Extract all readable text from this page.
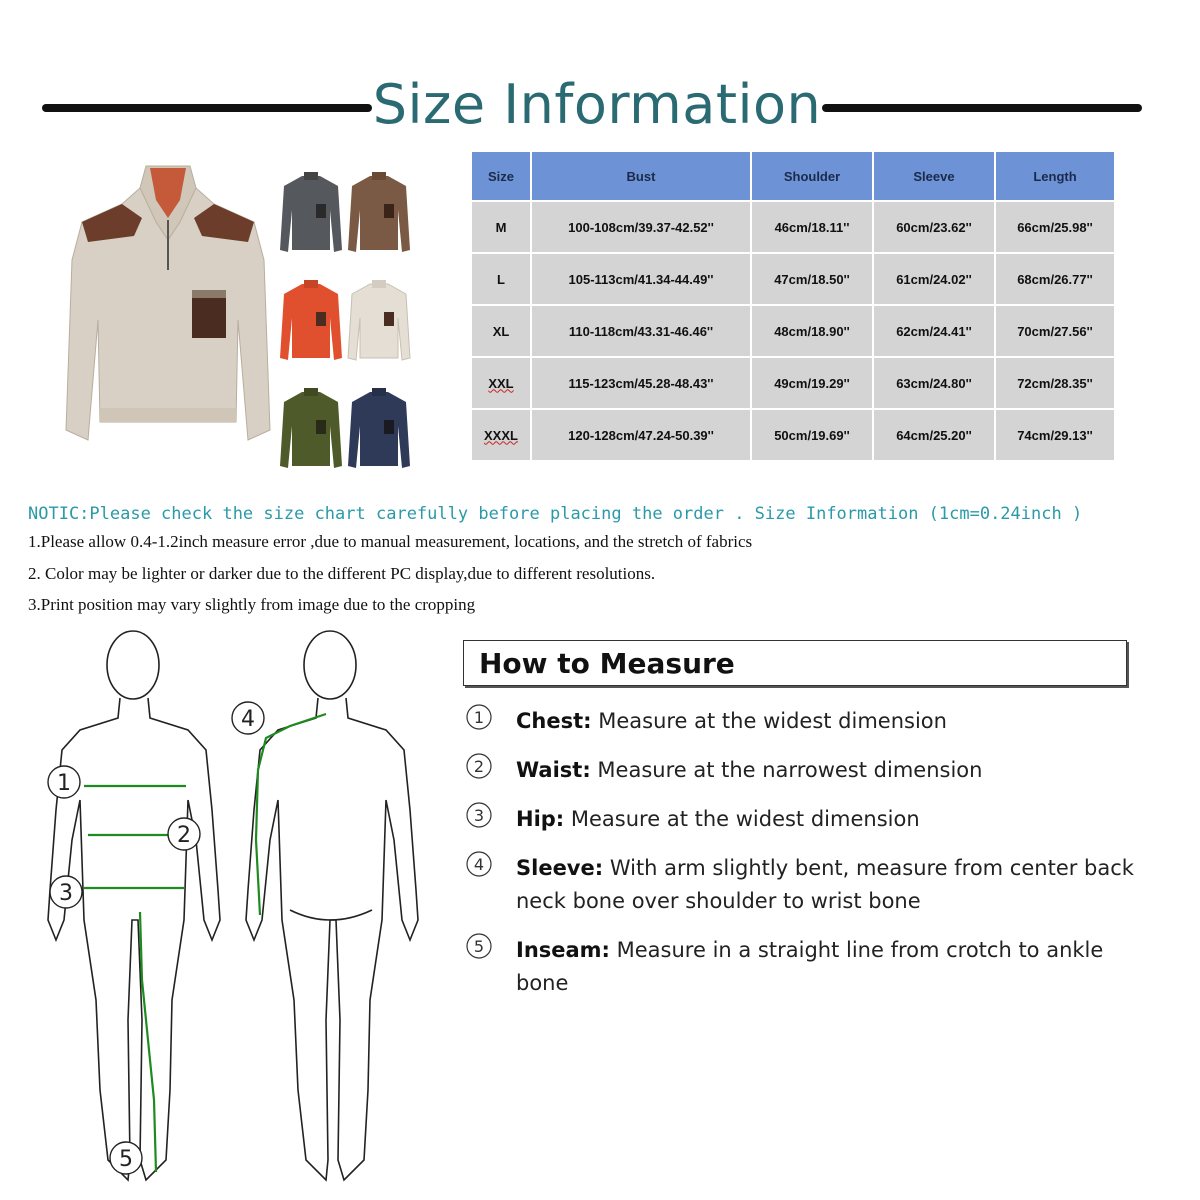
Size Information
Size	Bust	Shoulder	Sleeve	Length
M	100-108cm/39.37-42.52''	46cm/18.11''	60cm/23.62''	66cm/25.98''
L	105-113cm/41.34-44.49''	47cm/18.50''	61cm/24.02''	68cm/26.77''
XL	110-118cm/43.31-46.46''	48cm/18.90''	62cm/24.41''	70cm/27.56''
XXL	115-123cm/45.28-48.43''	49cm/19.29''	63cm/24.80''	72cm/28.35''
XXXL	120-128cm/47.24-50.39''	50cm/19.69''	64cm/25.20''	74cm/29.13''
NOTIC:Please check the size chart carefully before placing the order . Size Information (1cm=0.24inch )
1.Please allow 0.4-1.2inch measure error ,due to manual measurement, locations, and the stretch of fabrics
2. Color may be lighter or darker due to the different PC display,due to different resolutions.
3.Print position may vary slightly from image due to the cropping
1
2
3
4
5
How to Measure
1 Chest: Measure at the widest dimension
2 Waist: Measure at the narrowest dimension
3 Hip: Measure at the widest dimension
4 Sleeve: With arm slightly bent, measure from center back neck bone over shoulder to wrist bone
5 Inseam: Measure in a straight line from crotch to ankle bone
